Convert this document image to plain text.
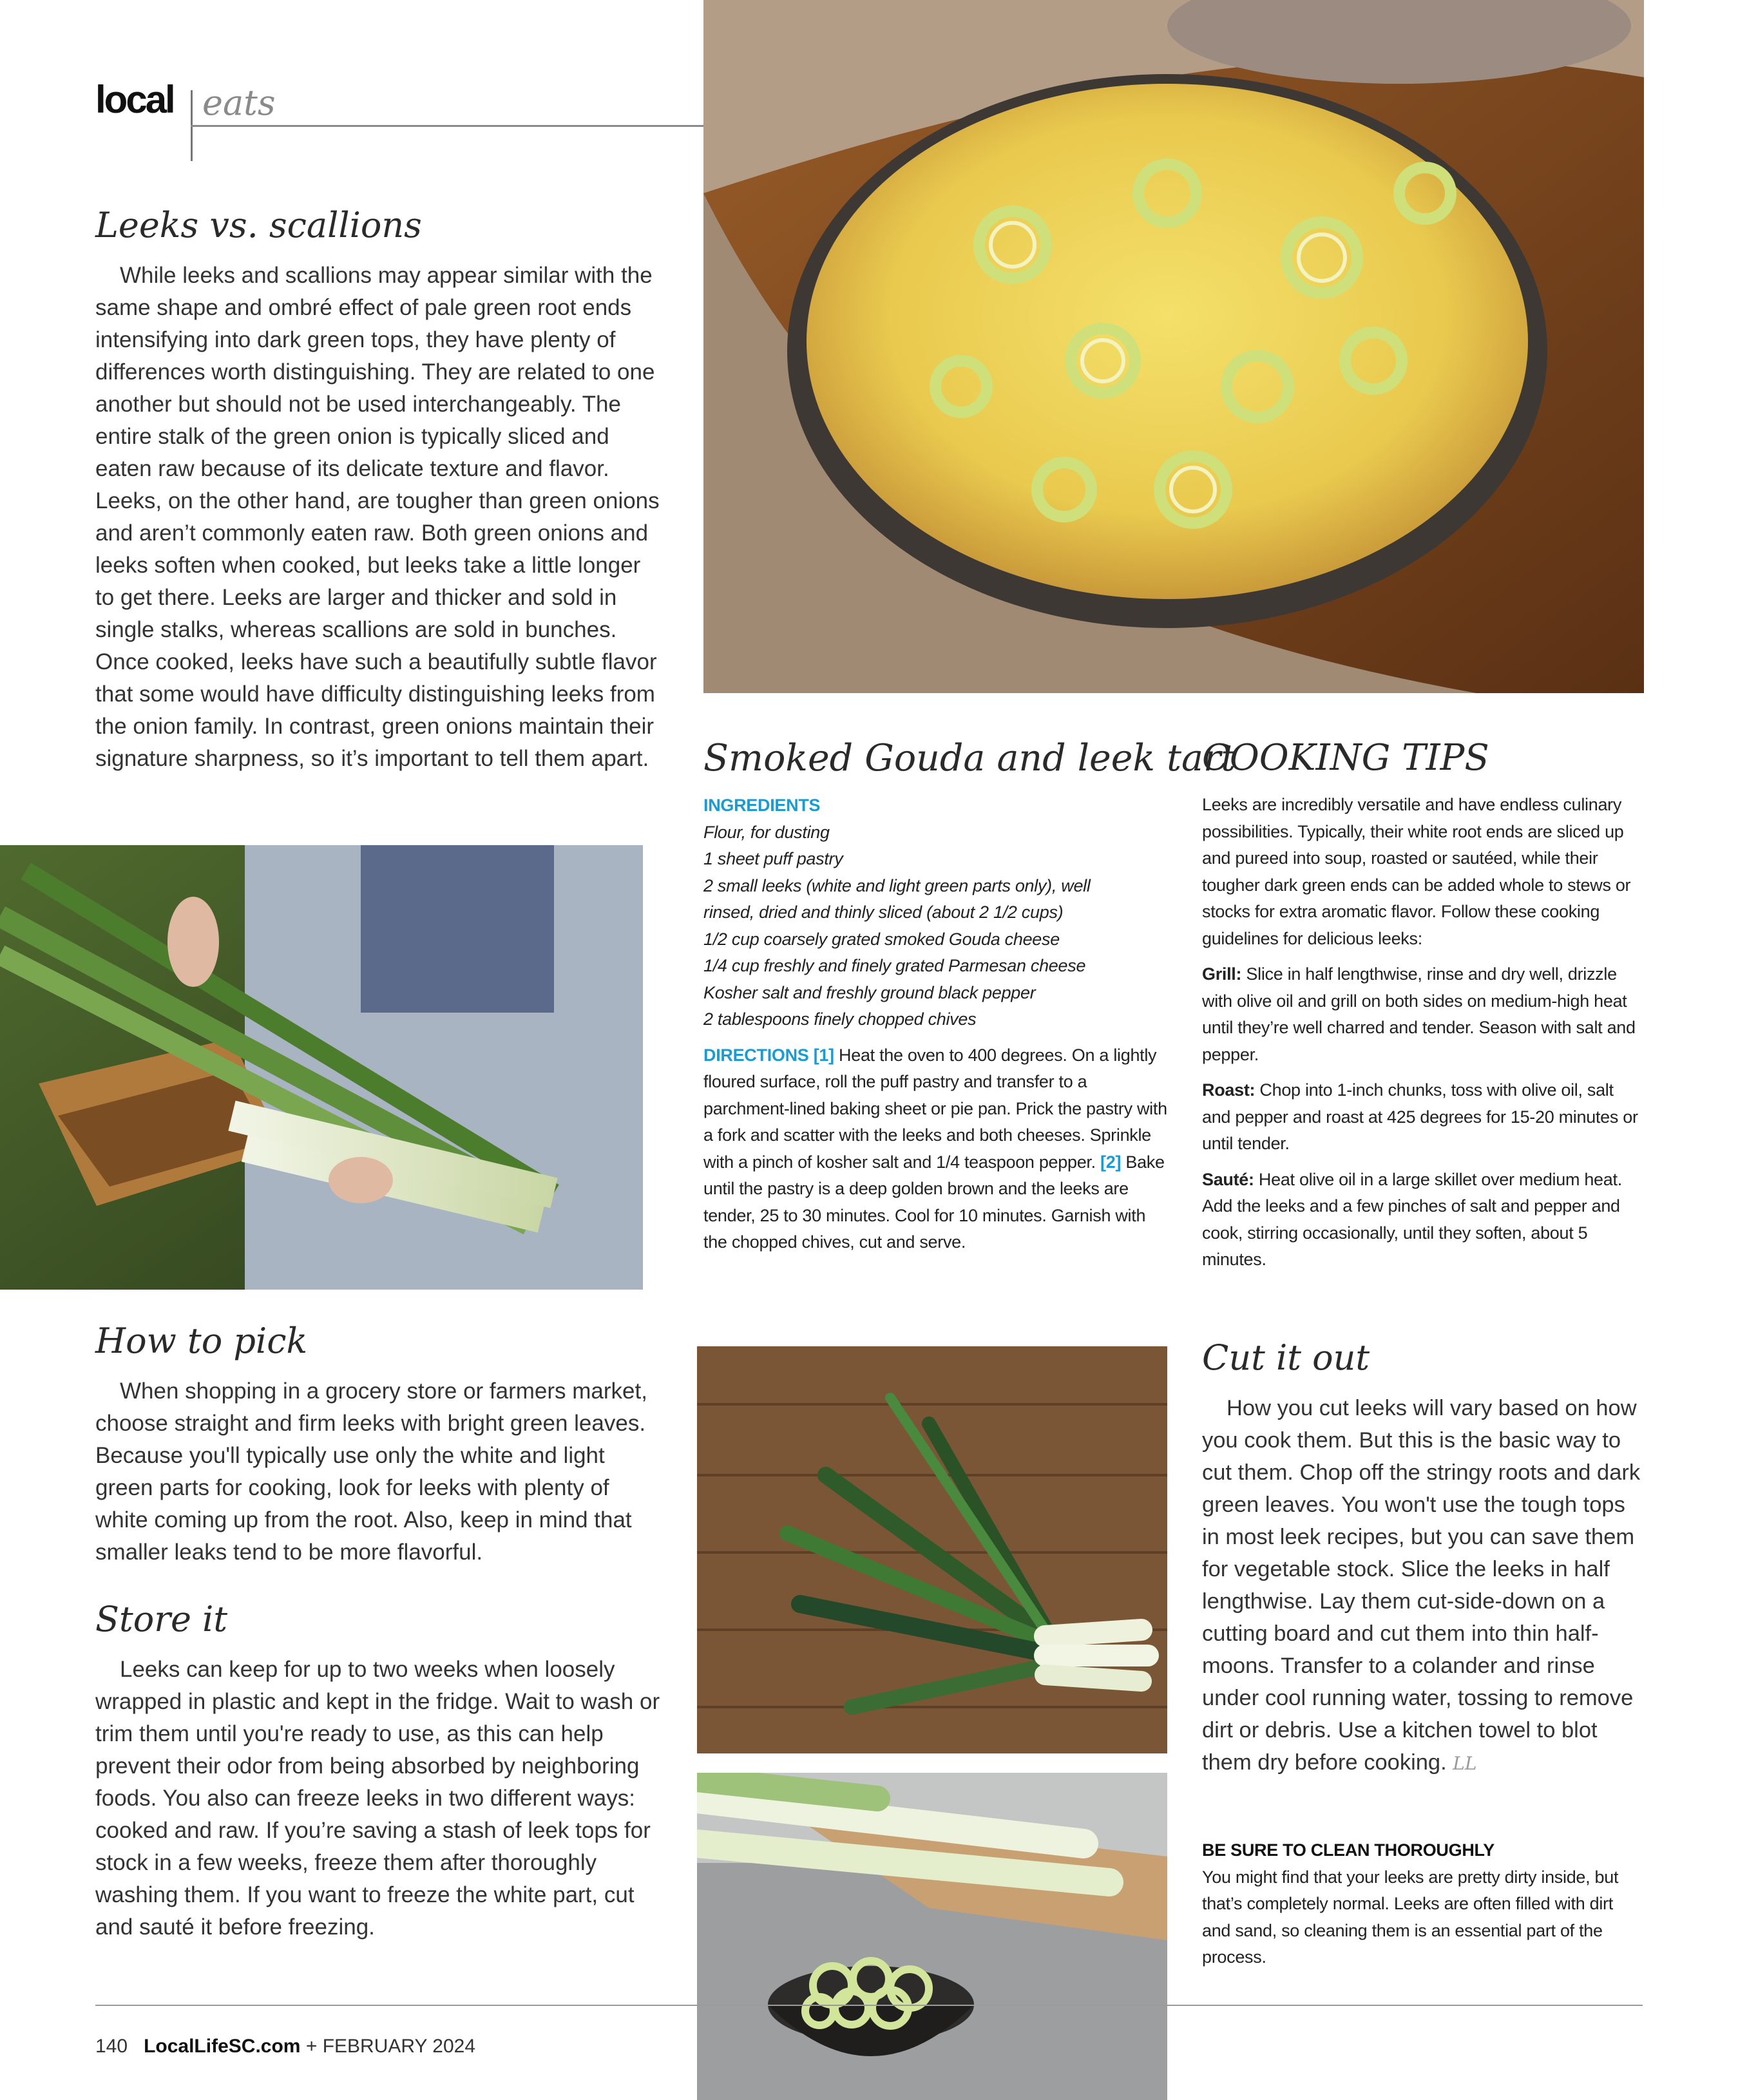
local eats
Leeks vs. scallions

While leeks and scallions may appear similar with the same shape and ombré effect of pale green root ends intensifying into dark green tops, they have plenty of differences worth distinguishing. They are related to one another but should not be used interchangeably. The entire stalk of the green onion is typically sliced and eaten raw because of its delicate texture and flavor. Leeks, on the other hand, are tougher than green onions and aren’t commonly eaten raw. Both green onions and leeks soften when cooked, but leeks take a little longer to get there. Leeks are larger and thicker and sold in single stalks, whereas scallions are sold in bunches. Once cooked, leeks have such a beautifully subtle flavor that some would have difficulty distinguishing leeks from the onion family. In contrast, green onions maintain their signature sharpness, so it’s important to tell them apart.

How to pick

When shopping in a grocery store or farmers market, choose straight and firm leeks with bright green leaves. Because you'll typically use only the white and light green parts for cooking, look for leeks with plenty of white coming up from the root. Also, keep in mind that smaller leaks tend to be more flavorful.

Store it

Leeks can keep for up to two weeks when loosely wrapped in plastic and kept in the fridge. Wait to wash or trim them until you're ready to use, as this can help prevent their odor from being absorbed by neighboring foods. You also can freeze leeks in two different ways: cooked and raw. If you’re saving a stash of leek tops for stock in a few weeks, freeze them after thoroughly washing them. If you want to freeze the white part, cut and sauté it before freezing.

Smoked Gouda and leek tart
INGREDIENTS
Flour, for dusting
1 sheet puff pastry
2 small leeks (white and light green parts only), well
rinsed, dried and thinly sliced (about 2 1/2 cups)
1/2 cup coarsely grated smoked Gouda cheese
1/4 cup freshly and finely grated Parmesan cheese
Kosher salt and freshly ground black pepper
2 tablespoons finely chopped chives
DIRECTIONS [1] Heat the oven to 400 degrees. On a lightly floured surface, roll the puff pastry and transfer to a parchment-lined baking sheet or pie pan. Prick the pastry with a fork and scatter with the leeks and both cheeses. Sprinkle with a pinch of kosher salt and 1/4 teaspoon pepper. [2] Bake until the pastry is a deep golden brown and the leeks are tender, 25 to 30 minutes. Cool for 10 minutes. Garnish with the chopped chives, cut and serve.
COOKING TIPS
Leeks are incredibly versatile and have endless culinary possibilities. Typically, their white root ends are sliced up and pureed into soup, roasted or sautéed, while their tougher dark green ends can be added whole to stews or stocks for extra aromatic flavor. Follow these cooking guidelines for delicious leeks:
Grill: Slice in half lengthwise, rinse and dry well, drizzle with olive oil and grill on both sides on medium-high heat until they’re well charred and tender. Season with salt and pepper.
Roast: Chop into 1-inch chunks, toss with olive oil, salt and pepper and roast at 425 degrees for 15-20 minutes or until tender.
Sauté: Heat olive oil in a large skillet over medium heat. Add the leeks and a few pinches of salt and pepper and cook, stirring occasionally, until they soften, about 5 minutes.
Cut it out

How you cut leeks will vary based on how you cook them. But this is the basic way to cut them. Chop off the stringy roots and dark green leaves. You won't use the tough tops in most leek recipes, but you can save them for vegetable stock. Slice the leeks in half lengthwise. Lay them cut-side-down on a cutting board and cut them into thin half-moons. Transfer to a colander and rinse under cool running water, tossing to remove dirt or debris. Use a kitchen towel to blot them dry before cooking. LL

BE SURE TO CLEAN THOROUGHLY
You might find that your leeks are pretty dirty inside, but that’s completely normal. Leeks are often filled with dirt and sand, so cleaning them is an essential part of the process.
140 LocalLifeSC.com + FEBRUARY 2024
